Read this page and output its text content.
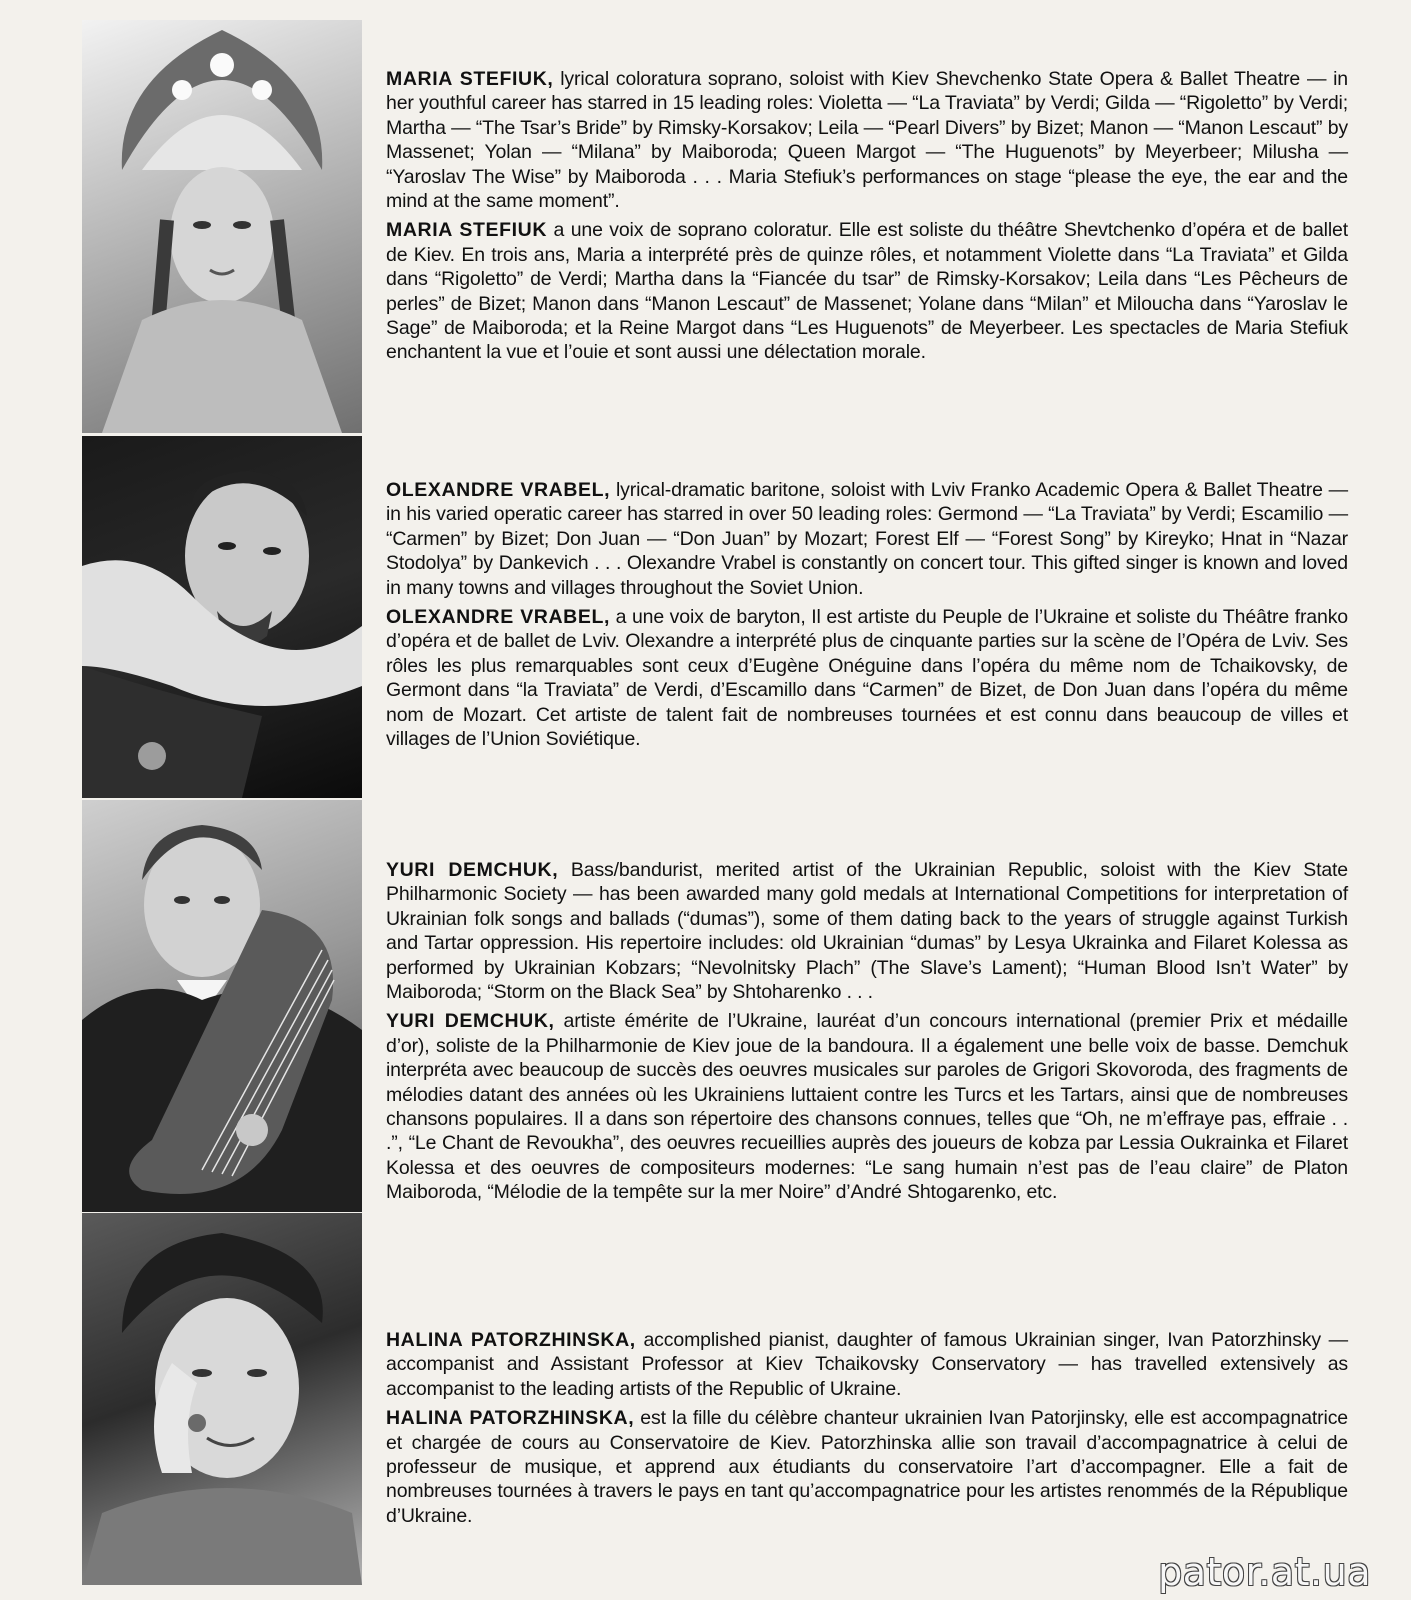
MARIA STEFIUK, lyrical coloratura soprano, soloist with Kiev Shevchenko State Opera & Ballet Theatre — in her youthful career has starred in 15 leading roles: Violetta — “La Traviata” by Verdi; Gilda — “Rigoletto” by Verdi; Martha — “The Tsar’s Bride” by Rimsky-Korsakov; Leila — “Pearl Divers” by Bizet; Manon — “Manon Lescaut” by Massenet; Yolan — “Milana” by Maiboroda; Queen Margot — “The Huguenots” by Meyerbeer; Milusha — “Yaroslav The Wise” by Maiboroda . . . Maria Stefiuk’s performances on stage “please the eye, the ear and the mind at the same moment”.

MARIA STEFIUK a une voix de soprano coloratur. Elle est soliste du théâtre Shevtchenko d’opéra et de ballet de Kiev. En trois ans, Maria a interprété près de quinze rôles, et notamment Violette dans “La Traviata” et Gilda dans “Rigoletto” de Verdi; Martha dans la “Fiancée du tsar” de Rimsky-Korsakov; Leila dans “Les Pêcheurs de perles” de Bizet; Manon dans “Manon Lescaut” de Massenet; Yolane dans “Milan” et Miloucha dans “Yaroslav le Sage” de Maiboroda; et la Reine Margot dans “Les Huguenots” de Meyerbeer. Les spectacles de Maria Stefiuk enchantent la vue et l’ouie et sont aussi une délectation morale.

OLEXANDRE VRABEL, lyrical-dramatic baritone, soloist with Lviv Franko Academic Opera & Ballet Theatre — in his varied operatic career has starred in over 50 leading roles: Germond — “La Traviata” by Verdi; Escamilio — “Carmen” by Bizet; Don Juan — “Don Juan” by Mozart; Forest Elf — “Forest Song” by Kireyko; Hnat in “Nazar Stodolya” by Dankevich . . . Olexandre Vrabel is constantly on concert tour. This gifted singer is known and loved in many towns and villages throughout the Soviet Union.

OLEXANDRE VRABEL, a une voix de baryton, Il est artiste du Peuple de l’Ukraine et soliste du Théâtre franko d’opéra et de ballet de Lviv. Olexandre a interprété plus de cinquante parties sur la scène de l’Opéra de Lviv. Ses rôles les plus remarquables sont ceux d’Eugène Onéguine dans l’opéra du même nom de Tchaikovsky, de Germont dans “la Traviata” de Verdi, d’Escamillo dans “Carmen” de Bizet, de Don Juan dans l’opéra du même nom de Mozart. Cet artiste de talent fait de nombreuses tournées et est connu dans beaucoup de villes et villages de l’Union Soviétique.

YURI DEMCHUK, Bass/bandurist, merited artist of the Ukrainian Republic, soloist with the Kiev State Philharmonic Society — has been awarded many gold medals at International Competitions for interpretation of Ukrainian folk songs and ballads (“dumas”), some of them dating back to the years of struggle against Turkish and Tartar oppression. His repertoire includes: old Ukrainian “dumas” by Lesya Ukrainka and Filaret Kolessa as performed by Ukrainian Kobzars; “Nevolnitsky Plach” (The Slave’s Lament); “Human Blood Isn’t Water” by Maiboroda; “Storm on the Black Sea” by Shtoharenko . . .

YURI DEMCHUK, artiste émérite de l’Ukraine, lauréat d’un concours international (premier Prix et médaille d’or), soliste de la Philharmonie de Kiev joue de la bandoura. Il a également une belle voix de basse. Demchuk interpréta avec beaucoup de succès des oeuvres musicales sur paroles de Grigori Skovoroda, des fragments de mélodies datant des années où les Ukrainiens luttaient contre les Turcs et les Tartars, ainsi que de nombreuses chansons populaires. Il a dans son répertoire des chansons connues, telles que “Oh, ne m’effraye pas, effraie . . .”, “Le Chant de Revoukha”, des oeuvres recueillies auprès des joueurs de kobza par Lessia Oukrainka et Filaret Kolessa et des oeuvres de compositeurs modernes: “Le sang humain n’est pas de l’eau claire” de Platon Maiboroda, “Mélodie de la tempête sur la mer Noire” d’André Shtogarenko, etc.

HALINA PATORZHINSKA, accomplished pianist, daughter of famous Ukrainian singer, Ivan Patorzhinsky — accompanist and Assistant Professor at Kiev Tchaikovsky Conservatory — has travelled extensively as accompanist to the leading artists of the Republic of Ukraine.

HALINA PATORZHINSKA, est la fille du célèbre chanteur ukrainien Ivan Patorjinsky, elle est accompagnatrice et chargée de cours au Conservatoire de Kiev. Patorzhinska allie son travail d’accompagnatrice à celui de professeur de musique, et apprend aux étudiants du conservatoire l’art d’accompagner. Elle a fait de nombreuses tournées à travers le pays en tant qu’accompagnatrice pour les artistes renommés de la République d’Ukraine.

pator.at.ua
